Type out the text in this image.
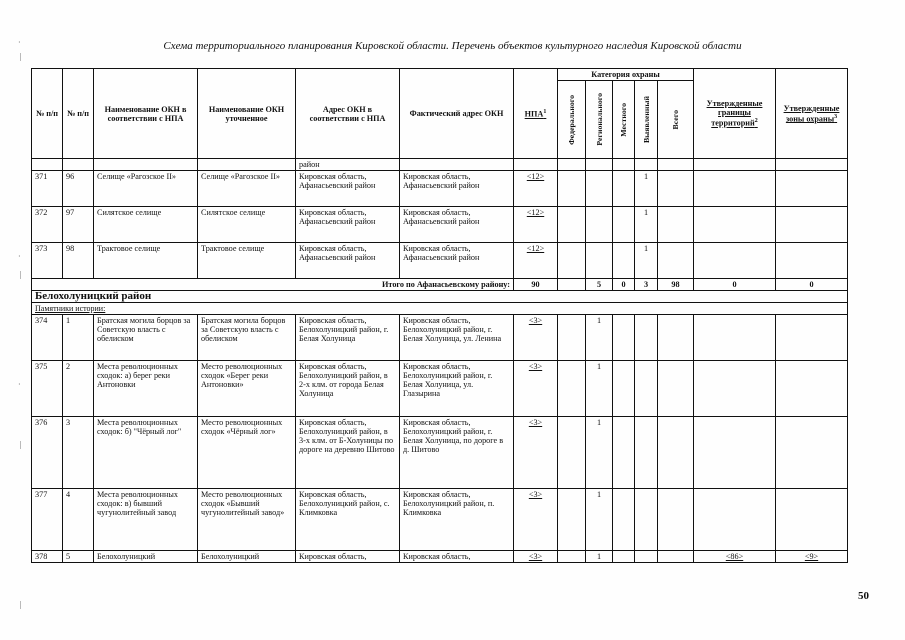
Схема территориального планирования Кировской области. Перечень объектов культурного наследия Кировской области
·
|
·
|
·
|
|
№ п/п	№ п/п	Наименование ОКН в соответствии с НПА	Наименование ОКН уточненное	Адрес ОКН в соответствии с НПА	Фактический адрес ОКН	НПА$^1$	Категория охраны					Утвержденные границы территорий$^2$	Утвержденные зоны охраны$^3$

							Федерального	Регионального	Местного	Выявленный	Всего		

				район									
371	96	Селище «Рагозское II»	Селище «Рагозское II»	Кировская область, Афанасьевский район	Кировская область, Афанасьевский район	<12>				1			
372	97	Силятское селище	Силятское селище	Кировская область, Афанасьевский район	Кировская область, Афанасьевский район	<12>				1			
373	98	Трактовое селище	Трактовое селище	Кировская область, Афанасьевский район	Кировская область, Афанасьевский район	<12>				1			
Итого по Афанасьевскому району:						90		5	0	3	98	0	0
Белохолуницкий район													
Памятники истории:													
374	1	Братская могила борцов за Советскую власть с обелиском	Братская могила борцов за Советскую власть с обелиском	Кировская область, Белохолуницкий район, г. Белая Холуница	Кировская область, Белохолуницкий район, г. Белая Холуница, ул. Ленина	<3>		1					
375	2	Места революционных сходок: а) берег реки Антоновки	Место революционных сходок «Берег реки Антоновки»	Кировская область, Белохолуницкий район, в 2-х клм. от города Белая Холуница	Кировская область, Белохолуницкий район, г. Белая Холуница, ул. Глазырина	<3>		1					
376	3	Места революционных сходок: б) "Чёрный лог"	Место революционных сходок «Чёрный лог»	Кировская область, Белохолуницкий район, в 3-х клм. от Б-Холуницы по дороге на деревню Шитово	Кировская область, Белохолуницкий район, г. Белая Холуница, по дороге в д. Шитово	<3>		1					
377	4	Места революционных сходок: в) бывший чугунолитейный завод	Место революционных сходок «Бывший чугунолитейный завод»	Кировская область, Белохолуницкий район, с. Климковка	Кировская область, Белохолуницкий район, п. Климковка	<3>		1					
378	5	Белохолуницкий	Белохолуницкий	Кировская область,	Кировская область,	<3>		1				<86>	<9>
50
